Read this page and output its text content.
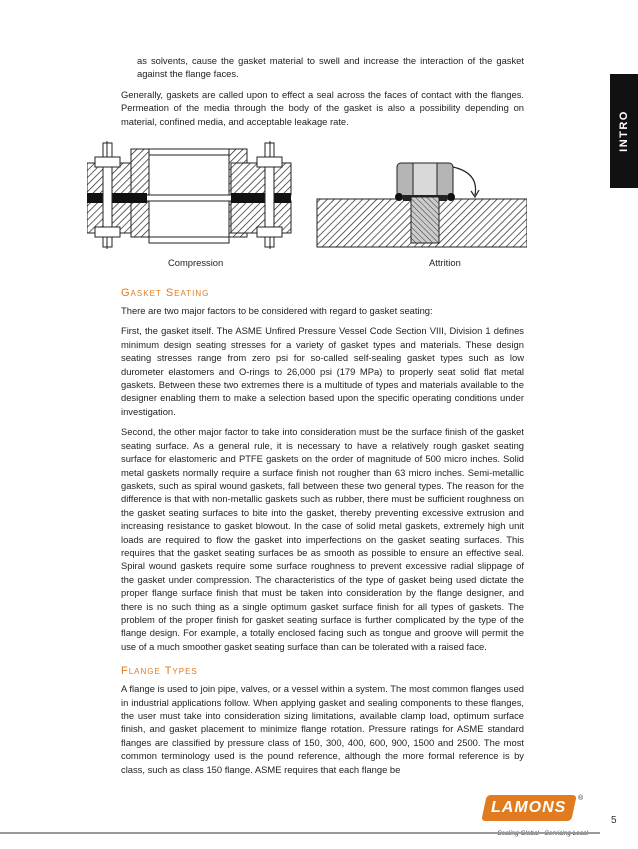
INTRO

as solvents, cause the gasket material to swell and increase the interaction of the gasket against the flange faces.

Generally, gaskets are called upon to effect a seal across the faces of contact with the flanges. Permeation of the media through the body of the gasket is also a possibility depending on material, confined media, and acceptable leakage rate.

Compression	Attrition
Gasket Seating

There are two major factors to be considered with regard to gasket seating:

First, the gasket itself. The ASME Unfired Pressure Vessel Code Section VIII, Division 1 defines minimum design seating stresses for a variety of gasket types and materials. These design seating stresses range from zero psi for so-called self-sealing gasket types such as low durometer elastomers and O-rings to 26,000 psi (179 MPa) to properly seat solid flat metal gaskets. Between these two extremes there is a multitude of types and materials available to the designer enabling them to make a selection based upon the specific operating conditions under investigation.

Second, the other major factor to take into consideration must be the surface finish of the gasket seating surface. As a general rule, it is necessary to have a relatively rough gasket seating surface for elastomeric and PTFE gaskets on the order of magnitude of 500 micro inches. Solid metal gaskets normally require a surface finish not rougher than 63 micro inches. Semi-metallic gaskets, such as spiral wound gaskets, fall between these two general types. The reason for the difference is that with non-metallic gaskets such as rubber, there must be sufficient roughness on the gasket seating surfaces to bite into the gasket, thereby preventing excessive extrusion and increasing resistance to gasket blowout. In the case of solid metal gaskets, extremely high unit loads are required to flow the gasket into imperfections on the gasket seating surfaces. This requires that the gasket seating surfaces be as smooth as possible to ensure an effective seal. Spiral wound gaskets require some surface roughness to prevent excessive radial slippage of the gasket under compression. The characteristics of the type of gasket being used dictate the proper flange surface finish that must be taken into consideration by the flange designer, and there is no such thing as a single optimum gasket surface finish for all types of gaskets. The problem of the proper finish for gasket seating surface is further complicated by the type of the flange design. For example, a totally enclosed facing such as tongue and groove will permit the use of a much smoother gasket seating surface than can be tolerated with a raised face.

Flange Types

A flange is used to join pipe, valves, or a vessel within a system. The most common flanges used in industrial applications follow. When applying gasket and sealing components to these flanges, the user must take into consideration sizing limitations, available clamp load, optimum surface finish, and gasket placement to minimize flange rotation. Pressure ratings for ASME standard flanges are classified by pressure class of 150, 300, 400, 600, 900, 1500 and 2500. The most common terminology used is the pound reference, although the more formal reference is by class, such as class 150 flange. ASME requires that each flange be

LAMONS
®
Sealing Global - Servicing Local
5
